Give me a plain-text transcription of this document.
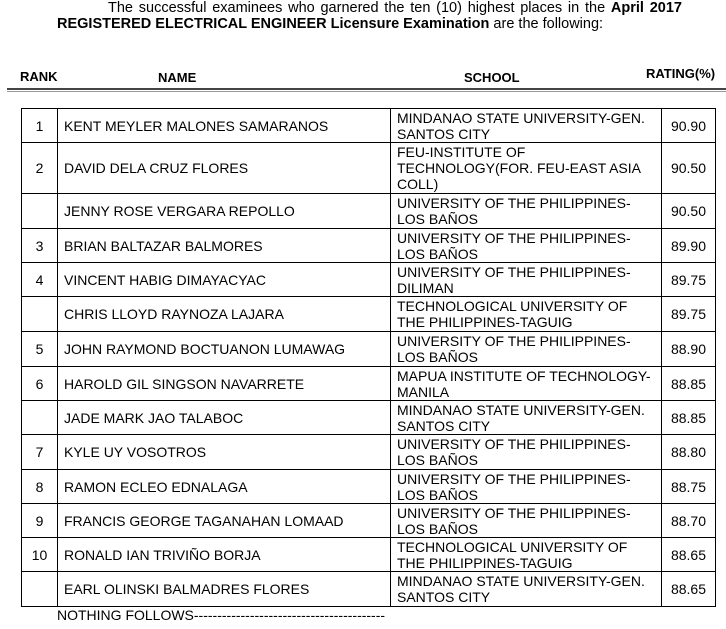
The successful examinees who garnered the ten (10) highest places in the April 2017 REGISTERED ELECTRICAL ENGINEER Licensure Examination are the following:
RANK	NAME	SCHOOL	RATING(%)
1	KENT MEYLER MALONES SAMARANOS	MINDANAO STATE UNIVERSITY-GEN. SANTOS CITY	90.90
2	DAVID DELA CRUZ FLORES	FEU-INSTITUTE OF TECHNOLOGY(FOR. FEU-EAST ASIA COLL)	90.50
	JENNY ROSE VERGARA REPOLLO	UNIVERSITY OF THE PHILIPPINES-LOS BAÑOS	90.50
3	BRIAN BALTAZAR BALMORES	UNIVERSITY OF THE PHILIPPINES-LOS BAÑOS	89.90
4	VINCENT HABIG DIMAYACYAC	UNIVERSITY OF THE PHILIPPINES-DILIMAN	89.75
	CHRIS LLOYD RAYNOZA LAJARA	TECHNOLOGICAL UNIVERSITY OF THE PHILIPPINES-TAGUIG	89.75
5	JOHN RAYMOND BOCTUANON LUMAWAG	UNIVERSITY OF THE PHILIPPINES-LOS BAÑOS	88.90
6	HAROLD GIL SINGSON NAVARRETE	MAPUA INSTITUTE OF TECHNOLOGY-MANILA	88.85
	JADE MARK JAO TALABOC	MINDANAO STATE UNIVERSITY-GEN. SANTOS CITY	88.85
7	KYLE UY VOSOTROS	UNIVERSITY OF THE PHILIPPINES-LOS BAÑOS	88.80
8	RAMON ECLEO EDNALAGA	UNIVERSITY OF THE PHILIPPINES-LOS BAÑOS	88.75
9	FRANCIS GEORGE TAGANAHAN LOMAAD	UNIVERSITY OF THE PHILIPPINES-LOS BAÑOS	88.70
10	RONALD IAN TRIVIÑO BORJA	TECHNOLOGICAL UNIVERSITY OF THE PHILIPPINES-TAGUIG	88.65
	EARL OLINSKI BALMADRES FLORES	MINDANAO STATE UNIVERSITY-GEN. SANTOS CITY	88.65
NOTHING FOLLOWS-----------------------------------------
